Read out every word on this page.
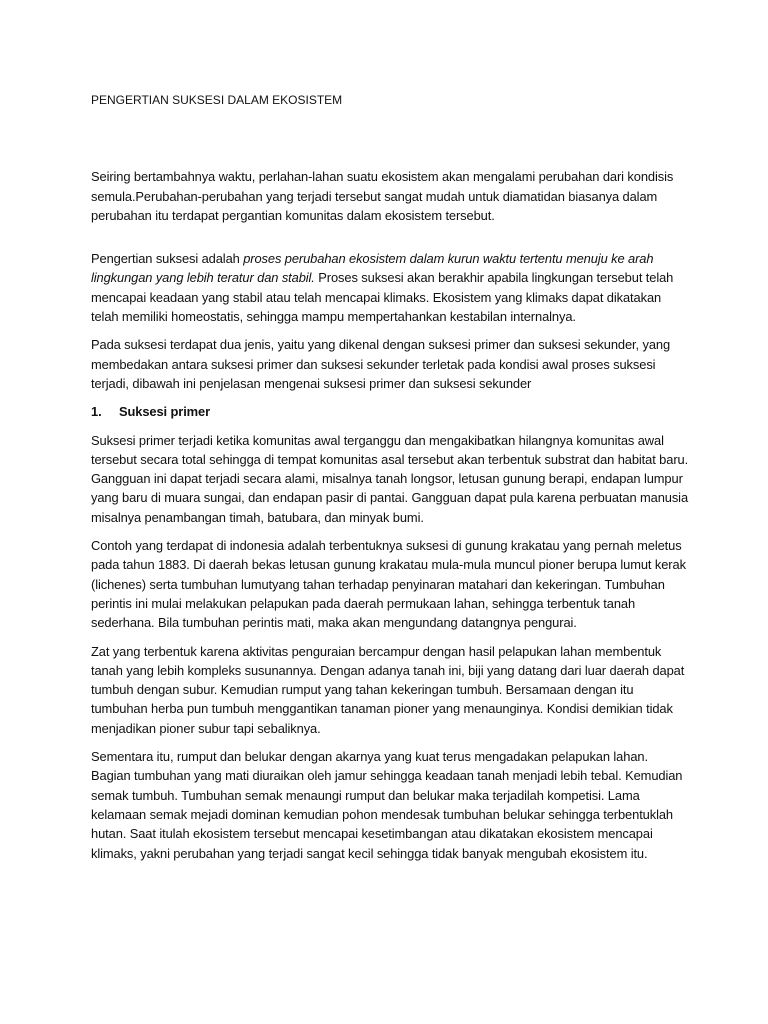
PENGERTIAN SUKSESI DALAM EKOSISTEM

Seiring bertambahnya waktu, perlahan-lahan suatu ekosistem akan mengalami perubahan dari kondisis semula.Perubahan-perubahan yang terjadi tersebut sangat mudah untuk diamatidan biasanya dalam perubahan itu terdapat pergantian komunitas dalam ekosistem tersebut.

Pengertian suksesi adalah proses perubahan ekosistem dalam kurun waktu tertentu menuju ke arah lingkungan yang lebih teratur dan stabil. Proses suksesi akan berakhir apabila lingkungan tersebut telah mencapai keadaan yang stabil atau telah mencapai klimaks. Ekosistem yang klimaks dapat dikatakan telah memiliki homeostatis, sehingga mampu mempertahankan kestabilan internalnya.

Pada suksesi terdapat dua jenis, yaitu yang dikenal dengan suksesi primer dan suksesi sekunder, yang membedakan antara suksesi primer dan suksesi sekunder terletak pada kondisi awal proses suksesi terjadi, dibawah ini penjelasan mengenai suksesi primer dan suksesi sekunder

1.	Suksesi primer

Suksesi primer terjadi ketika komunitas awal terganggu dan mengakibatkan hilangnya komunitas awal tersebut secara total sehingga di tempat komunitas asal tersebut akan terbentuk substrat dan habitat baru. Gangguan ini dapat terjadi secara alami, misalnya tanah longsor, letusan gunung berapi, endapan lumpur yang baru di muara sungai, dan endapan pasir di pantai. Gangguan dapat pula karena perbuatan manusia misalnya penambangan timah, batubara, dan minyak bumi.

Contoh yang terdapat di indonesia adalah terbentuknya suksesi di gunung krakatau yang pernah meletus pada tahun 1883. Di daerah bekas letusan gunung krakatau mula-mula muncul pioner berupa lumut kerak (lichenes) serta tumbuhan lumutyang tahan terhadap penyinaran matahari dan kekeringan. Tumbuhan perintis ini mulai melakukan pelapukan pada daerah permukaan lahan, sehingga terbentuk tanah sederhana. Bila tumbuhan perintis mati, maka akan mengundang datangnya pengurai.

Zat yang terbentuk karena aktivitas penguraian bercampur dengan hasil pelapukan lahan membentuk tanah yang lebih kompleks susunannya. Dengan adanya tanah ini, biji yang datang dari luar daerah dapat tumbuh dengan subur. Kemudian rumput yang tahan kekeringan tumbuh. Bersamaan dengan itu tumbuhan herba pun tumbuh menggantikan tanaman pioner yang menaunginya. Kondisi demikian tidak menjadikan pioner subur tapi sebaliknya.

Sementara itu, rumput dan belukar dengan akarnya yang kuat terus mengadakan pelapukan lahan. Bagian tumbuhan yang mati diuraikan oleh jamur sehingga keadaan tanah menjadi lebih tebal. Kemudian semak tumbuh. Tumbuhan semak menaungi rumput dan belukar maka terjadilah kompetisi. Lama kelamaan semak mejadi dominan kemudian pohon mendesak tumbuhan belukar sehingga terbentuklah hutan. Saat itulah ekosistem tersebut mencapai kesetimbangan atau dikatakan ekosistem mencapai klimaks, yakni perubahan yang terjadi sangat kecil sehingga tidak banyak mengubah ekosistem itu.
